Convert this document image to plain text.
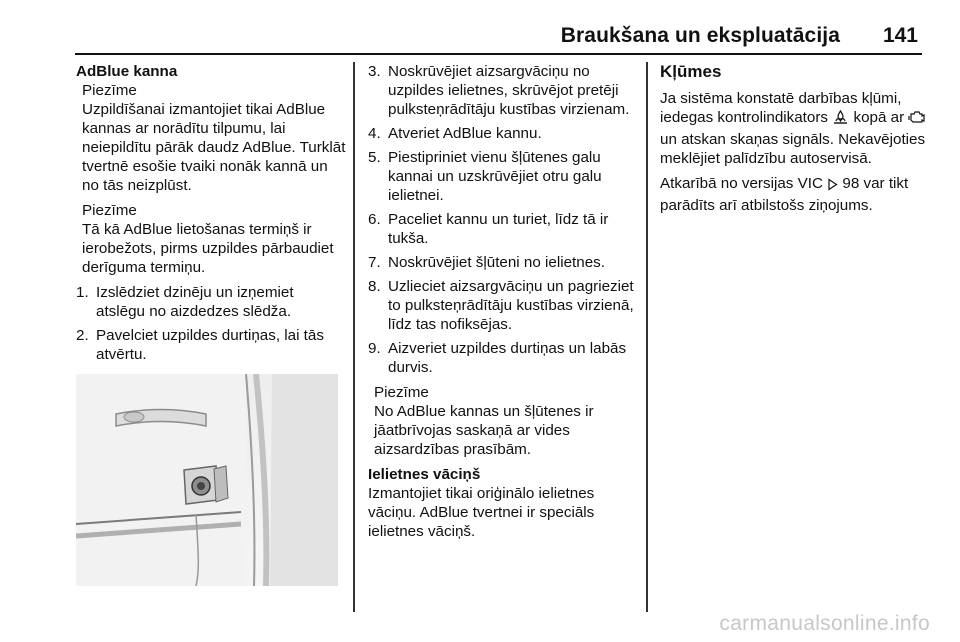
Braukšana un ekspluatācija 141

AdBlue kanna

Piezīme

Uzpildīšanai izmantojiet tikai AdBlue kannas ar norādītu tilpumu, lai neiepildītu pārāk daudz AdBlue. Turklāt tvertnē esošie tvaiki nonāk kannā un no tās neizplūst.

Piezīme

Tā kā AdBlue lietošanas termiņš ir ierobežots, pirms uzpildes pārbaudiet derīguma termiņu.

1. Izslēdziet dzinēju un izņemiet atslēgu no aizdedzes slēdža.
2. Pavelciet uzpildes durtiņas, lai tās atvērtu.
3. Noskrūvējiet aizsargvāciņu no uzpildes ielietnes, skrūvējot pretēji pulksteņrādītāju kustības virzienam.
4. Atveriet AdBlue kannu.
5. Piestipriniet vienu šļūtenes galu kannai un uzskrūvējiet otru galu ielietnei.
6. Paceliet kannu un turiet, līdz tā ir tukša.
7. Noskrūvējiet šļūteni no ielietnes.
8. Uzlieciet aizsargvāciņu un pagrieziet to pulksteņrādītāju kustības virzienā, līdz tas nofiksējas.
9. Aizveriet uzpildes durtiņas un labās durvis.

Piezīme

No AdBlue kannas un šļūtenes ir jāatbrīvojas saskaņā ar vides aizsardzības prasībām.

Ielietnes vāciņš

Izmantojiet tikai oriģinālo ielietnes vāciņu. AdBlue tvertnei ir speciāls ielietnes vāciņš.

Kļūmes

Ja sistēma konstatē darbības kļūmi, iedegas kontrolindikators kopā ar  un atskan skaņas signāls. Nekavējoties meklējiet palīdzību autoservisā.

Atkarībā no versijas VIC 98 var tikt parādīts arī atbilstošs ziņojums.

carmanualsonline.info
